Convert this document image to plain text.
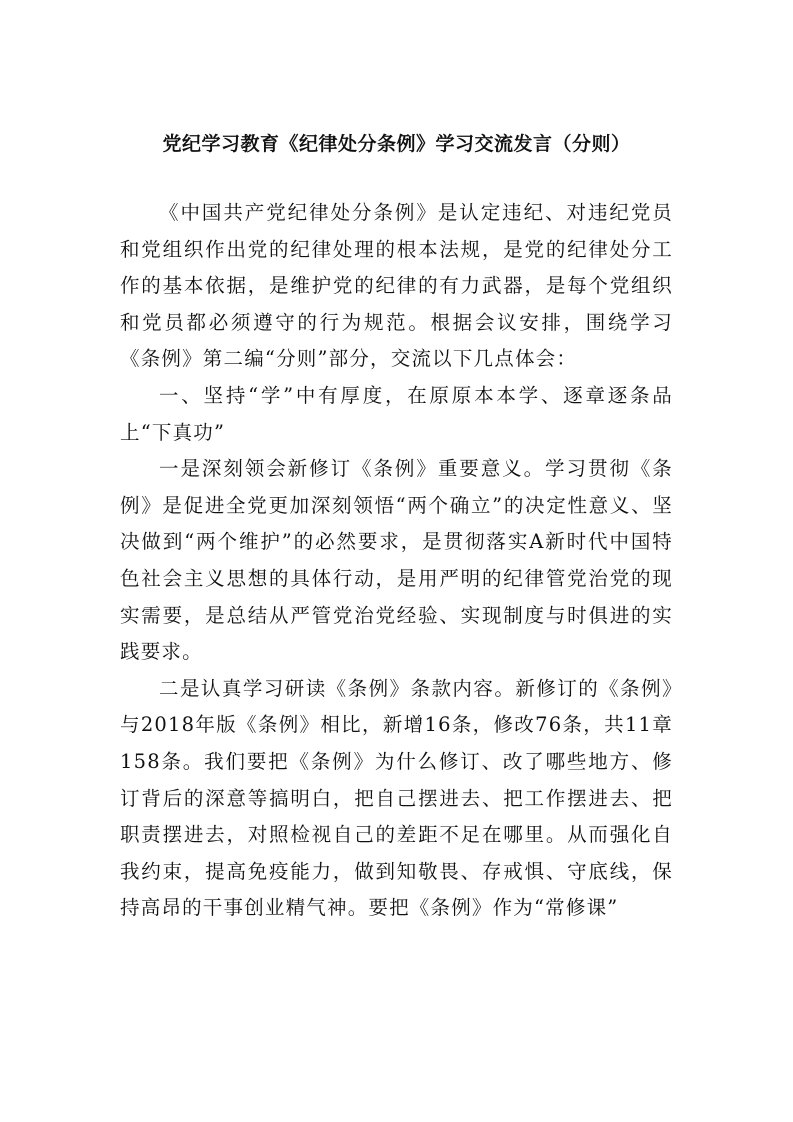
党纪学习教育《纪律处分条例》学习交流发言（分则）

《中国共产党纪律处分条例》是认定违纪、对违纪党员和党组织作出党的纪律处理的根本法规，是党的纪律处分工作的基本依据，是维护党的纪律的有力武器，是每个党组织和党员都必须遵守的行为规范。根据会议安排，围绕学习《条例》第二编“分则”部分，交流以下几点体会：

一、坚持“学”中有厚度，在原原本本学、逐章逐条品上“下真功”

一是深刻领会新修订《条例》重要意义。学习贯彻《条例》是促进全党更加深刻领悟“两个确立”的决定性意义、坚决做到“两个维护”的必然要求，是贯彻落实A新时代中国特色社会主义思想的具体行动，是用严明的纪律管党治党的现实需要，是总结从严管党治党经验、实现制度与时俱进的实践要求。

二是认真学习研读《条例》条款内容。新修订的《条例》与2018年版《条例》相比，新增16条，修改76条，共11章158条。我们要把《条例》为什么修订、改了哪些地方、修订背后的深意等搞明白，把自己摆进去、把工作摆进去、把职责摆进去，对照检视自己的差距不足在哪里。从而强化自我约束，提高免疫能力，做到知敬畏、存戒惧、守底线，保持高昂的干事创业精气神。要把《条例》作为“常修课”
